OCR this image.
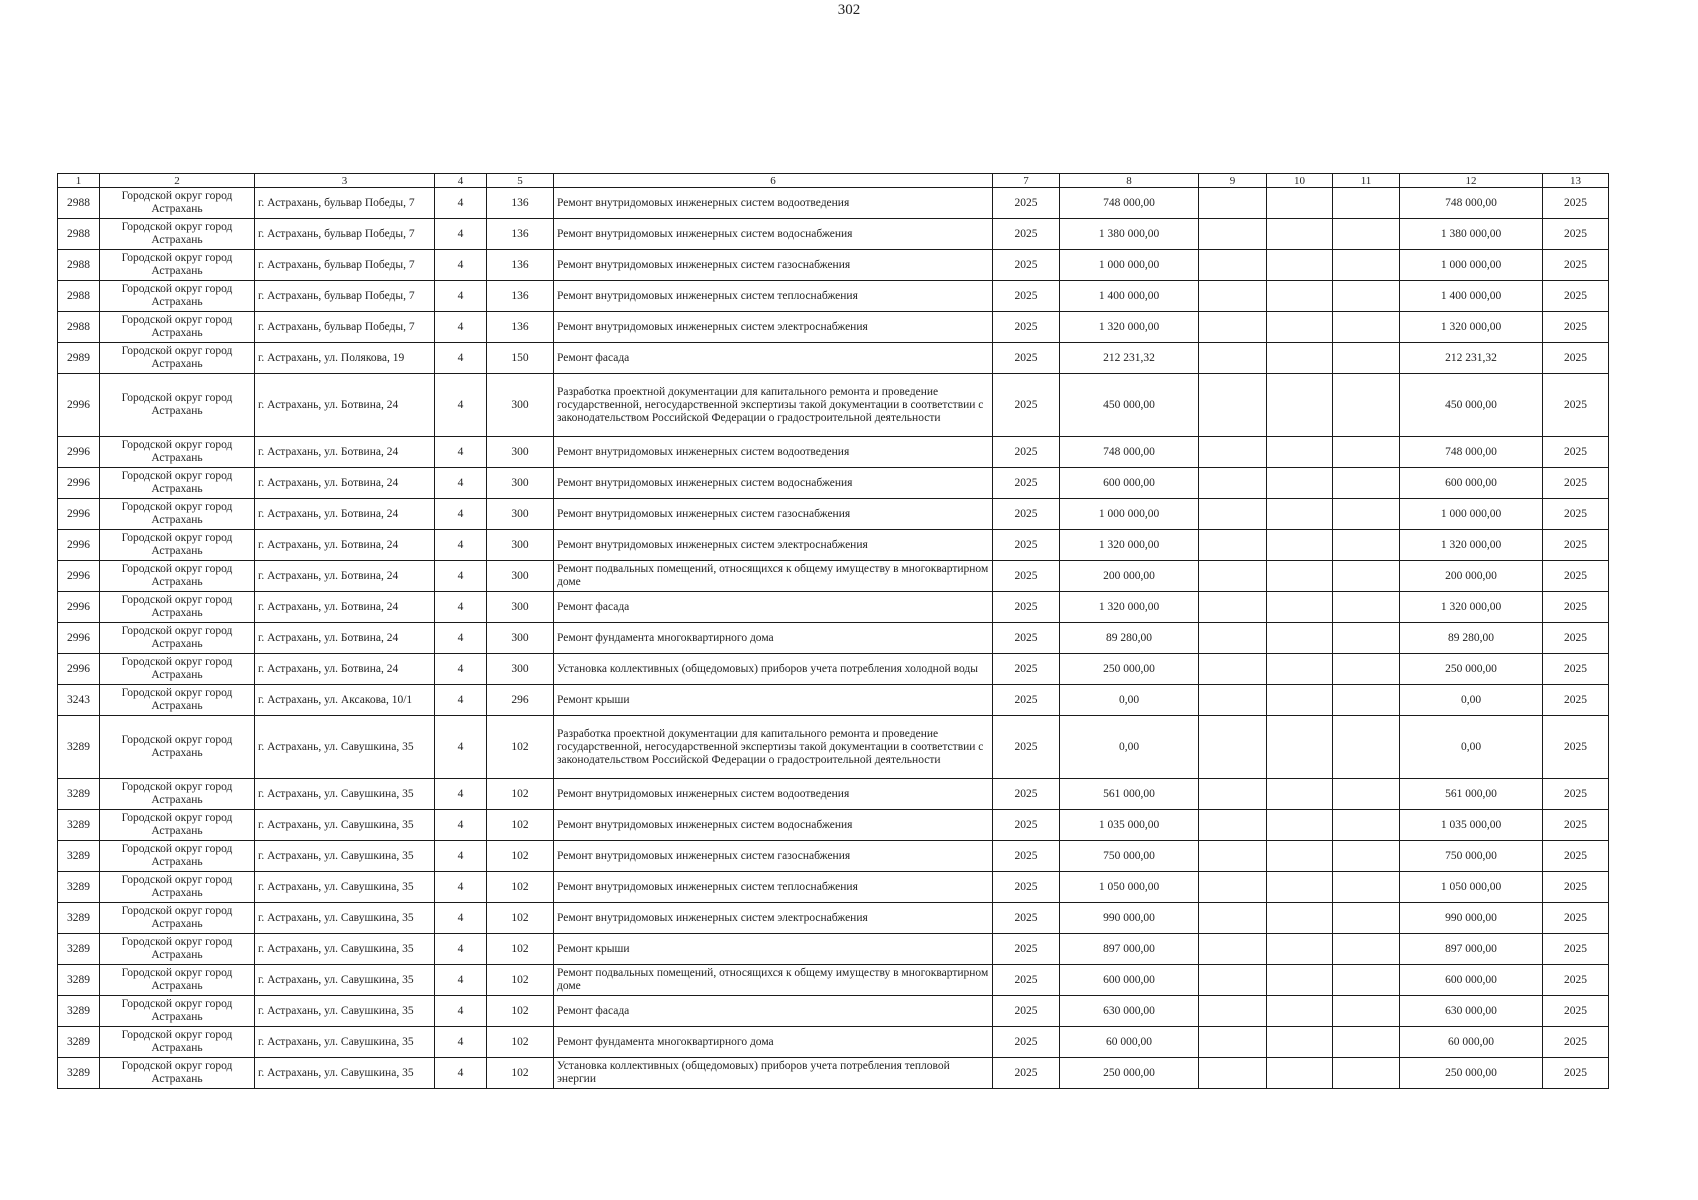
302
1	2	3	4	5	6	7	8	9	10	11	12	13
2988	Городской округ город Астрахань	г. Астрахань, бульвар Победы, 7	4	136	Ремонт внутридомовых инженерных систем водоотведения	2025	748 000,00				748 000,00	2025
2988	Городской округ город Астрахань	г. Астрахань, бульвар Победы, 7	4	136	Ремонт внутридомовых инженерных систем водоснабжения	2025	1 380 000,00				1 380 000,00	2025
2988	Городской округ город Астрахань	г. Астрахань, бульвар Победы, 7	4	136	Ремонт внутридомовых инженерных систем газоснабжения	2025	1 000 000,00				1 000 000,00	2025
2988	Городской округ город Астрахань	г. Астрахань, бульвар Победы, 7	4	136	Ремонт внутридомовых инженерных систем теплоснабжения	2025	1 400 000,00				1 400 000,00	2025
2988	Городской округ город Астрахань	г. Астрахань, бульвар Победы, 7	4	136	Ремонт внутридомовых инженерных систем электроснабжения	2025	1 320 000,00				1 320 000,00	2025
2989	Городской округ город Астрахань	г. Астрахань, ул. Полякова, 19	4	150	Ремонт фасада	2025	212 231,32				212 231,32	2025
2996	Городской округ город Астрахань	г. Астрахань, ул. Ботвина, 24	4	300	Разработка проектной документации для капитального ремонта и проведение государственной, негосударственной экспертизы такой документации в соответствии с законодательством Российской Федерации о градостроительной деятельности	2025	450 000,00				450 000,00	2025
2996	Городской округ город Астрахань	г. Астрахань, ул. Ботвина, 24	4	300	Ремонт внутридомовых инженерных систем водоотведения	2025	748 000,00				748 000,00	2025
2996	Городской округ город Астрахань	г. Астрахань, ул. Ботвина, 24	4	300	Ремонт внутридомовых инженерных систем водоснабжения	2025	600 000,00				600 000,00	2025
2996	Городской округ город Астрахань	г. Астрахань, ул. Ботвина, 24	4	300	Ремонт внутридомовых инженерных систем газоснабжения	2025	1 000 000,00				1 000 000,00	2025
2996	Городской округ город Астрахань	г. Астрахань, ул. Ботвина, 24	4	300	Ремонт внутридомовых инженерных систем электроснабжения	2025	1 320 000,00				1 320 000,00	2025
2996	Городской округ город Астрахань	г. Астрахань, ул. Ботвина, 24	4	300	Ремонт подвальных помещений, относящихся к общему имуществу в многоквартирном доме	2025	200 000,00				200 000,00	2025
2996	Городской округ город Астрахань	г. Астрахань, ул. Ботвина, 24	4	300	Ремонт фасада	2025	1 320 000,00				1 320 000,00	2025
2996	Городской округ город Астрахань	г. Астрахань, ул. Ботвина, 24	4	300	Ремонт фундамента многоквартирного дома	2025	89 280,00				89 280,00	2025
2996	Городской округ город Астрахань	г. Астрахань, ул. Ботвина, 24	4	300	Установка коллективных (общедомовых) приборов учета потребления холодной воды	2025	250 000,00				250 000,00	2025
3243	Городской округ город Астрахань	г. Астрахань, ул. Аксакова, 10/1	4	296	Ремонт крыши	2025	0,00				0,00	2025
3289	Городской округ город Астрахань	г. Астрахань, ул. Савушкина, 35	4	102	Разработка проектной документации для капитального ремонта и проведение государственной, негосударственной экспертизы такой документации в соответствии с законодательством Российской Федерации о градостроительной деятельности	2025	0,00				0,00	2025
3289	Городской округ город Астрахань	г. Астрахань, ул. Савушкина, 35	4	102	Ремонт внутридомовых инженерных систем водоотведения	2025	561 000,00				561 000,00	2025
3289	Городской округ город Астрахань	г. Астрахань, ул. Савушкина, 35	4	102	Ремонт внутридомовых инженерных систем водоснабжения	2025	1 035 000,00				1 035 000,00	2025
3289	Городской округ город Астрахань	г. Астрахань, ул. Савушкина, 35	4	102	Ремонт внутридомовых инженерных систем газоснабжения	2025	750 000,00				750 000,00	2025
3289	Городской округ город Астрахань	г. Астрахань, ул. Савушкина, 35	4	102	Ремонт внутридомовых инженерных систем теплоснабжения	2025	1 050 000,00				1 050 000,00	2025
3289	Городской округ город Астрахань	г. Астрахань, ул. Савушкина, 35	4	102	Ремонт внутридомовых инженерных систем электроснабжения	2025	990 000,00				990 000,00	2025
3289	Городской округ город Астрахань	г. Астрахань, ул. Савушкина, 35	4	102	Ремонт крыши	2025	897 000,00				897 000,00	2025
3289	Городской округ город Астрахань	г. Астрахань, ул. Савушкина, 35	4	102	Ремонт подвальных помещений, относящихся к общему имуществу в многоквартирном доме	2025	600 000,00				600 000,00	2025
3289	Городской округ город Астрахань	г. Астрахань, ул. Савушкина, 35	4	102	Ремонт фасада	2025	630 000,00				630 000,00	2025
3289	Городской округ город Астрахань	г. Астрахань, ул. Савушкина, 35	4	102	Ремонт фундамента многоквартирного дома	2025	60 000,00				60 000,00	2025
3289	Городской округ город Астрахань	г. Астрахань, ул. Савушкина, 35	4	102	Установка коллективных (общедомовых) приборов учета потребления тепловой энергии	2025	250 000,00				250 000,00	2025
